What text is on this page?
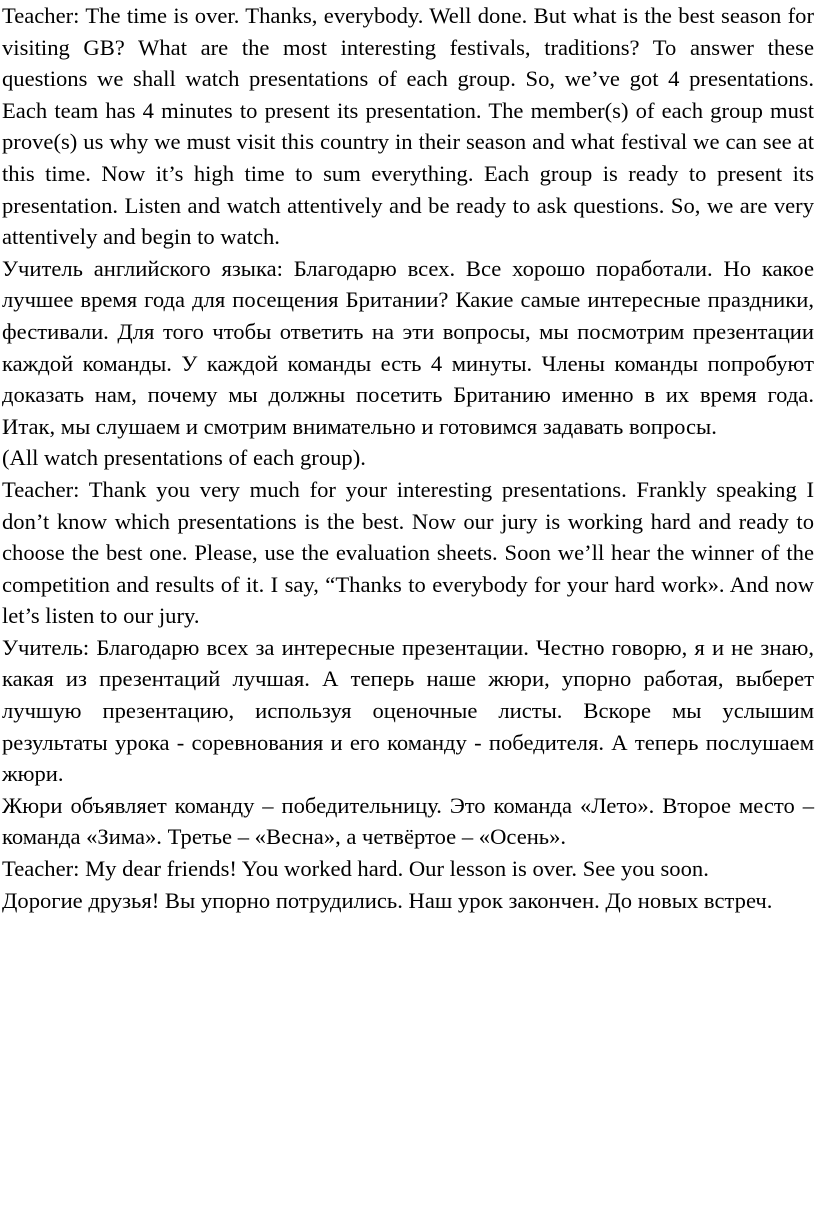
Teacher: The time is over. Thanks, everybody. Well done. But what is the best season for visiting GB? What are the most interesting festivals, traditions? To answer these questions we shall watch presentations of each group. So, we’ve got 4 presentations. Each team has 4 minutes to present its presentation. The member(s) of each group must prove(s) us why we must visit this country in their season and what festival we can see at this time. Now it’s high time to sum everything. Each group is ready to present its presentation. Listen and watch attentively and be ready to ask questions. So, we are very attentively and begin to watch.

Учитель английского языка: Благодарю всех. Все хорошо поработали. Но какое лучшее время года для посещения Британии? Какие самые интересные праздники, фестивали. Для того чтобы ответить на эти вопросы, мы посмотрим презентации каждой команды. У каждой команды есть 4 минуты. Члены команды попробуют доказать нам, почему мы должны посетить Британию именно в их время года. Итак, мы слушаем и смотрим внимательно и готовимся задавать вопросы.

(All watch presentations of each group).

Teacher: Thank you very much for your interesting presentations. Frankly speaking I don’t know which presentations is the best. Now our jury is working hard and ready to choose the best one. Please, use the evaluation sheets. Soon we’ll hear the winner of the competition and results of it. I say, “Thanks to everybody for your hard work». And now let’s listen to our jury.

Учитель: Благодарю всех за интересные презентации. Честно говорю, я и не знаю, какая из презентаций лучшая. А теперь наше жюри, упорно работая, выберет лучшую презентацию, используя оценочные листы. Вскоре мы услышим результаты урока - соревнования и его команду - победителя. А теперь послушаем жюри.

Жюри объявляет команду – победительницу. Это команда «Лето». Второе место – команда «Зима». Третье – «Весна», а четвёртое – «Осень».

Teacher: My dear friends! You worked hard. Our lesson is over. See you soon.

Дорогие друзья! Вы упорно потрудились. Наш урок закончен. До новых встреч.
